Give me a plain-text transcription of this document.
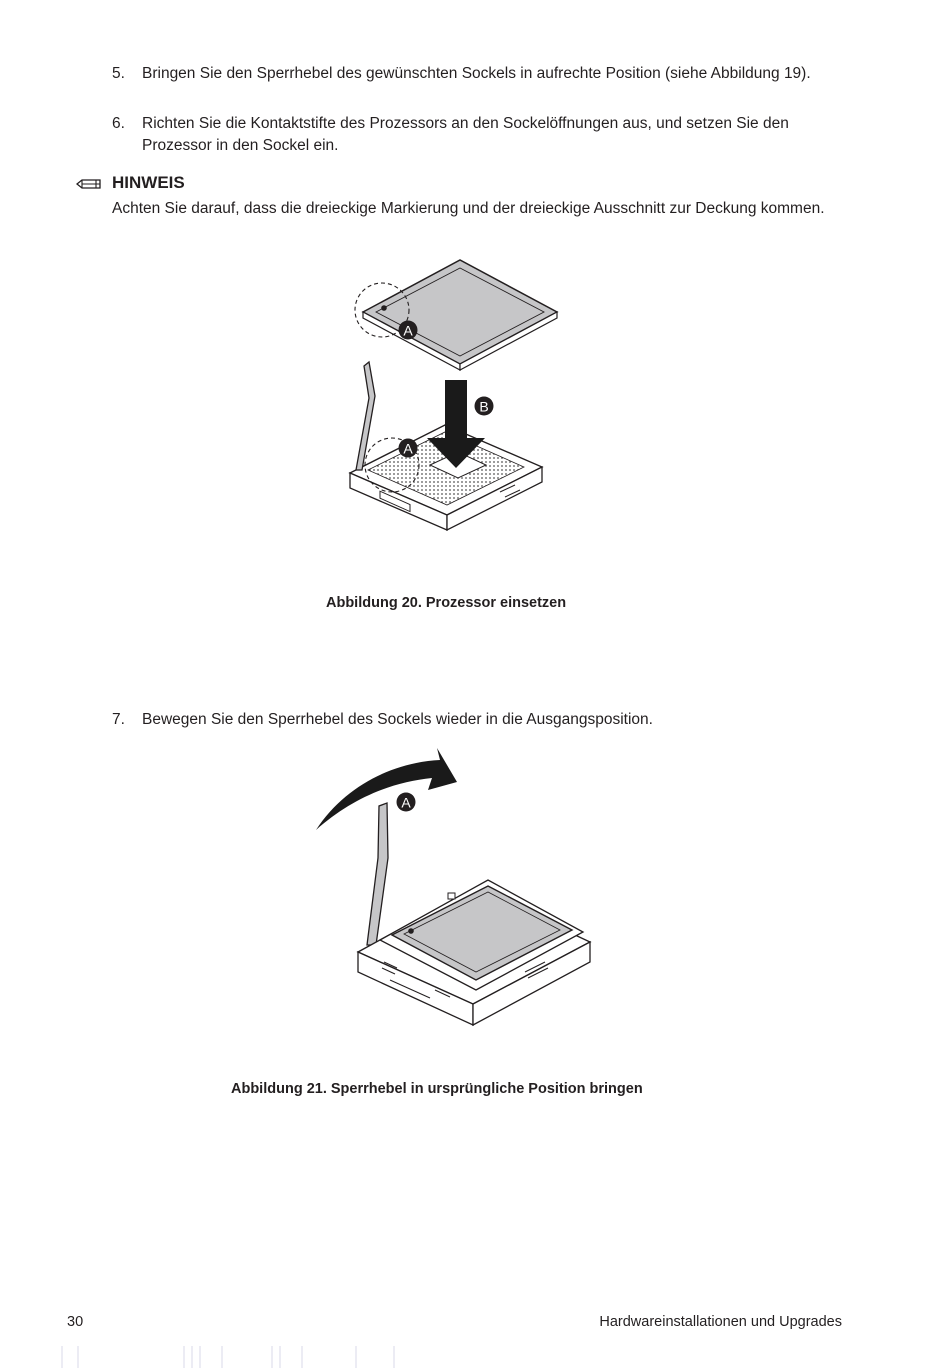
5. Bringen Sie den Sperrhebel des gewünschten Sockels in aufrechte Position (siehe Abbildung 19).
6. Richten Sie die Kontaktstifte des Prozessors an den Sockelöffnungen aus, und setzen Sie den Prozessor in den Sockel ein.
HINWEIS
Achten Sie darauf, dass die dreieckige Markierung und der dreieckige Ausschnitt zur Deckung kommen.
A
A
B
Abbildung 20. Prozessor einsetzen
7. Bewegen Sie den Sperrhebel des Sockels wieder in die Ausgangsposition.
A
Abbildung 21. Sperrhebel in ursprüngliche Position bringen
30	Hardwareinstallationen und Upgrades
